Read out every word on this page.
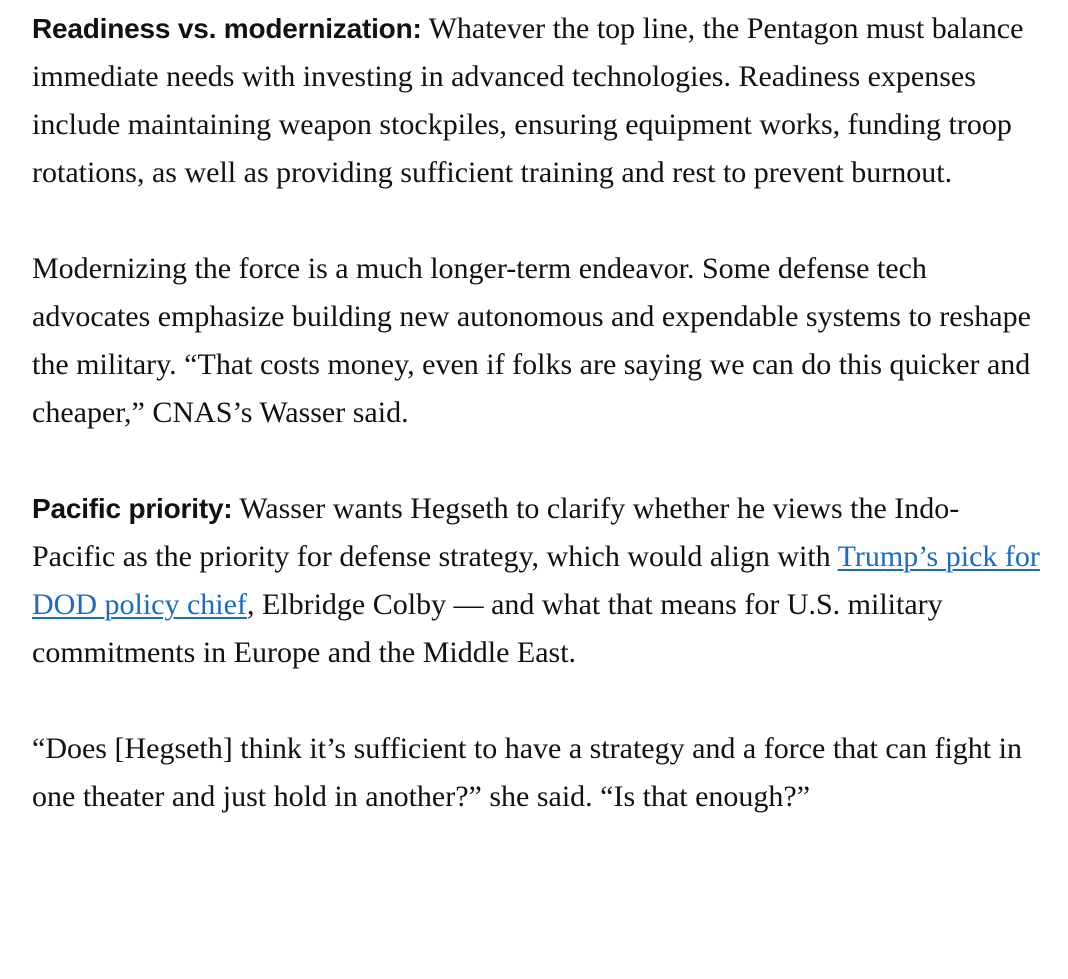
Readiness vs. modernization: Whatever the top line, the Pentagon must balance immediate needs with investing in advanced technologies. Readiness expenses include maintaining weapon stockpiles, ensuring equipment works, funding troop rotations, as well as providing sufficient training and rest to prevent burnout.

Modernizing the force is a much longer-term endeavor. Some defense tech advocates emphasize building new autonomous and expendable systems to reshape the military. “That costs money, even if folks are saying we can do this quicker and cheaper,” CNAS’s Wasser said.

Pacific priority: Wasser wants Hegseth to clarify whether he views the Indo-Pacific as the priority for defense strategy, which would align with Trump’s pick for DOD policy chief, Elbridge Colby — and what that means for U.S. military commitments in Europe and the Middle East.

“Does [Hegseth] think it’s sufficient to have a strategy and a force that can fight in one theater and just hold in another?” she said. “Is that enough?”
